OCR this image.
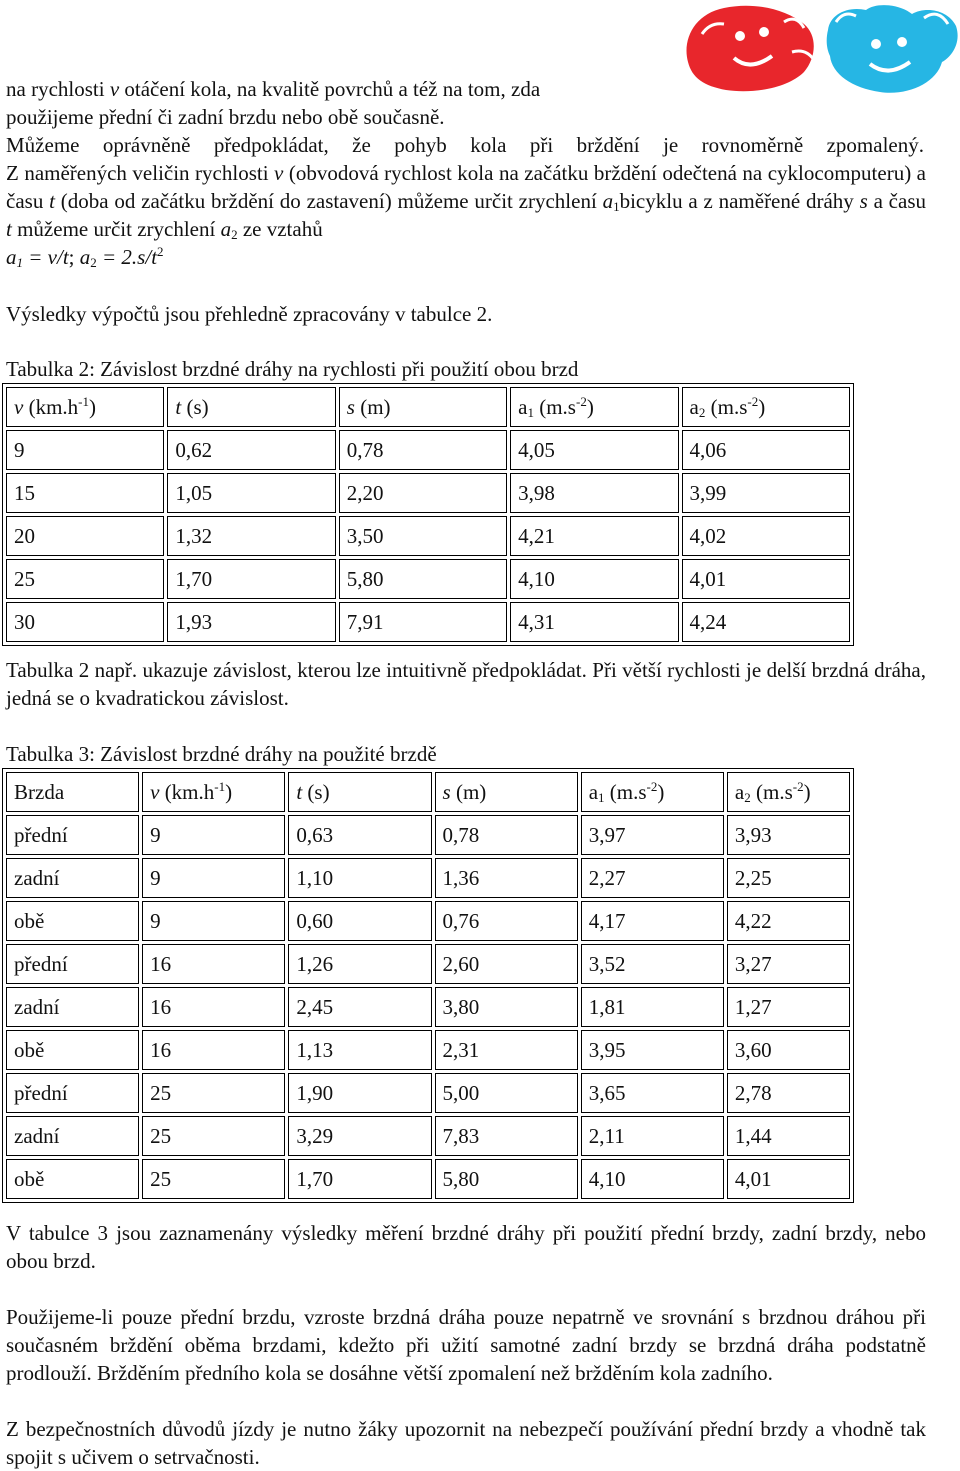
na rychlosti v otáčení kola, na kvalitě povrchů a též na tom, zda

použijeme přední či zadní brzdu nebo obě současně.

Můžeme oprávněně předpokládat, že pohyb kola při brždění je rovnoměrně zpomalený.

Z naměřených veličin rychlosti v (obvodová rychlost kola na začátku brždění odečtená na cyklocomputeru) a času t (doba od začátku brždění do zastavení) můžeme určit zrychlení $a_1bicyklu$ a z naměřené dráhy s a času t můžeme určit zrychlení $a_2$ ze vztahů

$a_1 = v/t$; $a_2 = 2.s/t^2$

Výsledky výpočtů jsou přehledně zpracovány v tabulce 2.

Tabulka 2: Závislost brzdné dráhy na rychlosti při použití obou brzd

v $(km.h^{-1})$	t (s)	s (m)	$a_1$ $(m.s^{-2})$	$a_2$ $(m.s^{-2})$
9	0,62	0,78	4,05	4,06
15	1,05	2,20	3,98	3,99
20	1,32	3,50	4,21	4,02
25	1,70	5,80	4,10	4,01
30	1,93	7,91	4,31	4,24

Tabulka 2 např. ukazuje závislost, kterou lze intuitivně předpokládat. Při větší rychlosti je delší brzdná dráha, jedná se o kvadratickou závislost.

Tabulka 3: Závislost brzdné dráhy na použité brzdě

Brzda	v $(km.h^{-1})$	t (s)	s (m)	$a_1$ $(m.s^{-2})$	$a_2$ $(m.s^{-2})$
přední	9	0,63	0,78	3,97	3,93
zadní	9	1,10	1,36	2,27	2,25
obě	9	0,60	0,76	4,17	4,22
přední	16	1,26	2,60	3,52	3,27
zadní	16	2,45	3,80	1,81	1,27
obě	16	1,13	2,31	3,95	3,60
přední	25	1,90	5,00	3,65	2,78
zadní	25	3,29	7,83	2,11	1,44
obě	25	1,70	5,80	4,10	4,01

V tabulce 3 jsou zaznamenány výsledky měření brzdné dráhy při použití přední brzdy, zadní brzdy, nebo obou brzd.

Použijeme-li pouze přední brzdu, vzroste brzdná dráha pouze nepatrně ve srovnání s brzdnou dráhou při současném brždění oběma brzdami, kdežto při užití samotné zadní brzdy se brzdná dráha podstatně prodlouží. Bržděním předního kola se dosáhne větší zpomalení než bržděním kola zadního.

Z bezpečnostních důvodů jízdy je nutno žáky upozornit na nebezpečí používání přední brzdy a vhodně tak spojit s učivem o setrvačnosti.
